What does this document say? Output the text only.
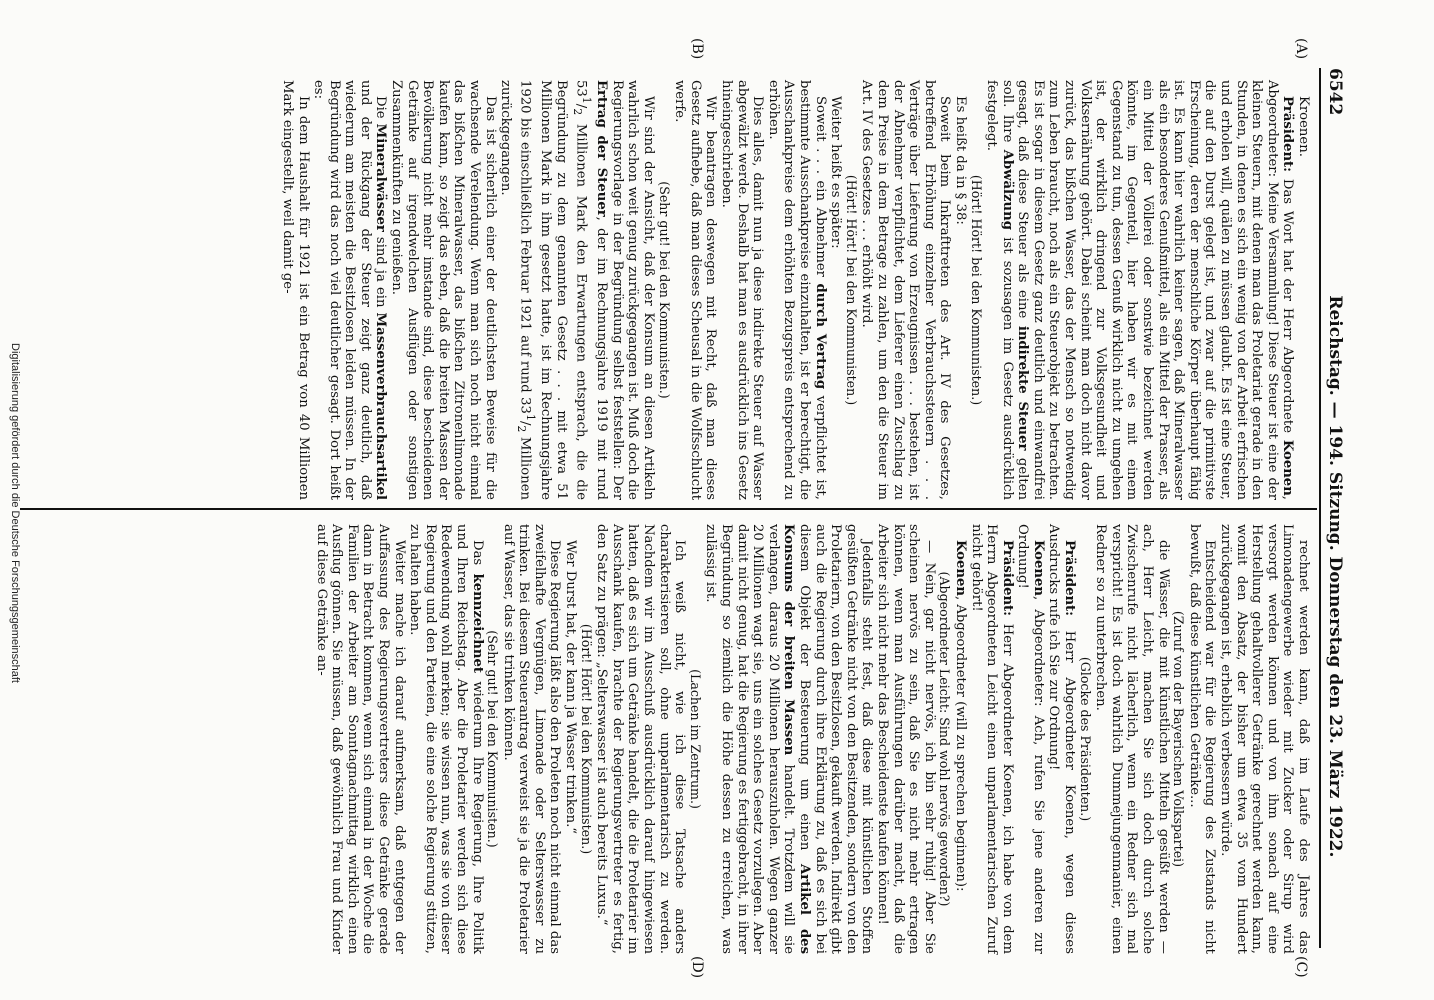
6542
Reichstag. — 194. Sitzung. Donnerstag den 23. März 1922.
(A)
(B)
(C)
(D)

Kroenen.

Präsident: Das Wort hat der Herr Abgeordnete Koenen, Abgeordneter: Meine Versammlung! Diese Steuer ist eine der kleinen Steuern, mit denen man das Proletariat gerade in den Stunden, in denen es sich ein wenig von der Arbeit erfrischen und erholen will, quälen zu müssen glaubt. Es ist eine Steuer, die auf den Durst gelegt ist, und zwar auf die primitivste Erscheinung, deren der menschliche Körper überhaupt fähig ist. Es kann hier wahrlich keiner sagen, daß Mineralwasser als ein besonderes Genußmittel, als ein Mittel der Prasser, als ein Mittel der Völlerei oder sonstwie bezeichnet werden könnte, im Gegenteil, hier haben wir es mit einem Gegenstand zu tun, dessen Genuß wirklich nicht zu umgehen ist, der wirklich dringend zur Volksgesundheit und Volksernährung gehört. Dabei scheint man doch nicht davor zurück, das bißchen Wasser, das der Mensch so notwendig zum Leben braucht, noch als ein Steuerobjekt zu betrachten. Es ist sogar in diesem Gesetz ganz deutlich und einwandfrei gesagt, daß diese Steuer als eine indirekte Steuer gelten soll. Ihre Abwälzung ist sozusagen im Gesetz ausdrücklich festgelegt.

(Hört! Hört! bei den Kommunisten.)

Es heißt da in § 38:

Soweit beim Inkrafttreten des Art. IV des Gesetzes, betreffend Erhöhung einzelner Verbrauchssteuern . . . Verträge über Lieferung von Erzeugnissen . . . bestehen, ist der Abnehmer verpflichtet, dem Lieferer einen Zuschlag zu dem Preise in dem Betrage zu zahlen, um den die Steuer im Art. IV des Gesetzes . . . erhöht wird.

(Hört! Hört! bei den Kommunisten.)

Weiter heißt es später:

Soweit . . . ein Abnehmer durch Vertrag verpflichtet ist, bestimmte Ausschankpreise einzuhalten, ist er berechtigt, die Ausschankpreise dem erhöhten Bezugspreis entsprechend zu erhöhen.

Dies alles, damit nun ja diese indirekte Steuer auf Wasser abgewälzt werde. Deshalb hat man es ausdrücklich ins Gesetz hineingeschrieben.

Wir beantragen deswegen mit Recht, daß man dieses Gesetz aufhebe, daß man dieses Scheusal in die Wolfsschlucht werfe.

(Sehr gut! bei den Kommunisten.)

Wir sind der Ansicht, daß der Konsum an diesen Artikeln wahrlich schon weit genug zurückgegangen ist. Muß doch die Regierungsvorlage in der Begründung selbst feststellen: Der Ertrag der Steuer, der im Rechnungsjahre 1919 mit rund $53^1/_2$ Millionen Mark den Erwartungen entsprach, die die Begründung zu dem genannten Gesetz . . . mit etwa 51 Millionen Mark in ihm gesetzt hatte, ist im Rechnungsjahre 1920 bis einschließlich Februar 1921 auf rund $33^1/_2$ Millionen zurückgegangen.

Das ist sicherlich einer der deutlichsten Beweise für die wachsende Verelendung. Wenn man sich noch nicht einmal das bißchen Mineralwasser, das bißchen Zitronenlimonade kaufen kann, so zeigt das eben, daß die breiten Massen der Bevölkerung nicht mehr imstande sind, diese bescheidenen Getränke auf irgendwelchen Ausflügen oder sonstigen Zusammenkünften zu genießen.

Die Mineralwässer sind ja ein Massenverbrauchsartikel und der Rückgang der Steuer zeigt ganz deutlich, daß wiederum am meisten die Besitzlosen leiden müssen. In der Begründung wird das noch viel deutlicher gesagt. Dort heißt es:

In dem Haushalt für 1921 ist ein Betrag von 40 Millionen Mark eingestellt, weil damit ge-

rechnet werden kann, daß im Laufe des Jahres das Limonadengewerbe wieder mit Zucker oder Sirup wird versorgt werden können und von ihm sonach auf eine Herstellung gehaltvollerer Getränke gerechnet werden kann, womit den Absatz, der bisher um etwa 35 vom Hundert zurückgegangen ist, erheblich verbessern würde.

Entscheidend war für die Regierung des Zustands nicht bewußt, daß diese künstlichen Getränke...

(Zuruf von der Bayerischen Volkspartei)

die Wässer, die mit künstlichen Mitteln gesüßt werden — ach, Herr Leicht, machen Sie sich doch durch solche Zwischenrufe nicht lächerlich, wenn ein Redner sich mal verspricht! Es ist doch wahrlich Dummejungenmanier, einen Redner so zu unterbrechen.

(Glocke des Präsidenten.)

Präsident: Herr Abgeordneter Koenen, wegen dieses Ausdrucks rufe ich Sie zur Ordnung!

Koenen, Abgeordneter: Ach, rufen Sie jene anderen zur Ordnung!

Präsident: Herr Abgeordneter Koenen, ich habe von dem Herrn Abgeordneten Leicht einen unparlamentarischen Zuruf nicht gehört!

Koenen, Abgeordneter (will zu sprechen beginnen):

(Abgeordneter Leicht: Sind wohl nervös geworden?)

— Nein, gar nicht nervös, ich bin sehr ruhig! Aber Sie scheinen nervös zu sein, daß Sie es nicht mehr ertragen können, wenn man Ausführungen darüber macht, daß die Arbeiter sich nicht mehr das Bescheidenste kaufen können!

Jedenfalls steht fest, daß diese mit künstlichen Stoffen gesüßten Getränke nicht von den Besitzenden, sondern von den Proletariern, von den Besitzlosen, gekauft werden. Indirekt gibt auch die Regierung durch ihre Erklärung zu, daß es sich bei diesem Objekt der Besteuerung um einen Artikel des Konsums der breiten Massen handelt. Trotzdem will sie verlangen, daraus 20 Millionen herauszuholen. Wegen ganzer 20 Millionen wagt sie, uns ein solches Gesetz vorzulegen. Aber damit nicht genug, hat die Regierung es fertiggebracht, in ihrer Begründung so ziemlich die Höhe dessen zu erreichen, was zulässig ist.

(Lachen im Zentrum.)

Ich weiß nicht, wie ich diese Tatsache anders charakterisieren soll, ohne unparlamentarisch zu werden. Nachdem wir im Ausschuß ausdrücklich darauf hingewiesen hatten, daß es sich um Getränke handelt, die die Proletarier im Ausschank kaufen, brachte der Regierungsvertreter es fertig, den Satz zu prägen: „Selterswasser ist auch bereits Luxus.“

(Hört! Hört! bei den Kommunisten.)

Wer Durst hat, der kann ja Wasser trinken.“

Diese Regierung läßt also den Proleten noch nicht einmal das zweifelhafte Vergnügen, Limonade oder Selterswasser zu trinken. Bei diesem Steuerantrag verweist sie ja die Proletarier auf Wasser, das sie trinken können.

(Sehr gut! bei den Kommunisten.)

Das kennzeichnet wiederum Ihre Regierung, Ihre Politik und Ihren Reichstag. Aber die Proletarier werden sich diese Redewendung wohl merken; sie wissen nun, was sie von dieser Regierung und den Parteien, die eine solche Regierung stützen, zu halten haben.

Weiter mache ich darauf aufmerksam, daß entgegen der Auffassung des Regierungsvertreters diese Getränke gerade dann in Betracht kommen, wenn sich einmal in der Woche die Familien der Arbeiter am Sonntagnachmittag wirklich einen Ausflug gönnen. Sie müssen, daß gewöhnlich Frau und Kinder auf diese Getränke an-

Digitalisierung gefördert durch die Deutsche Forschungsgemeinschaft
